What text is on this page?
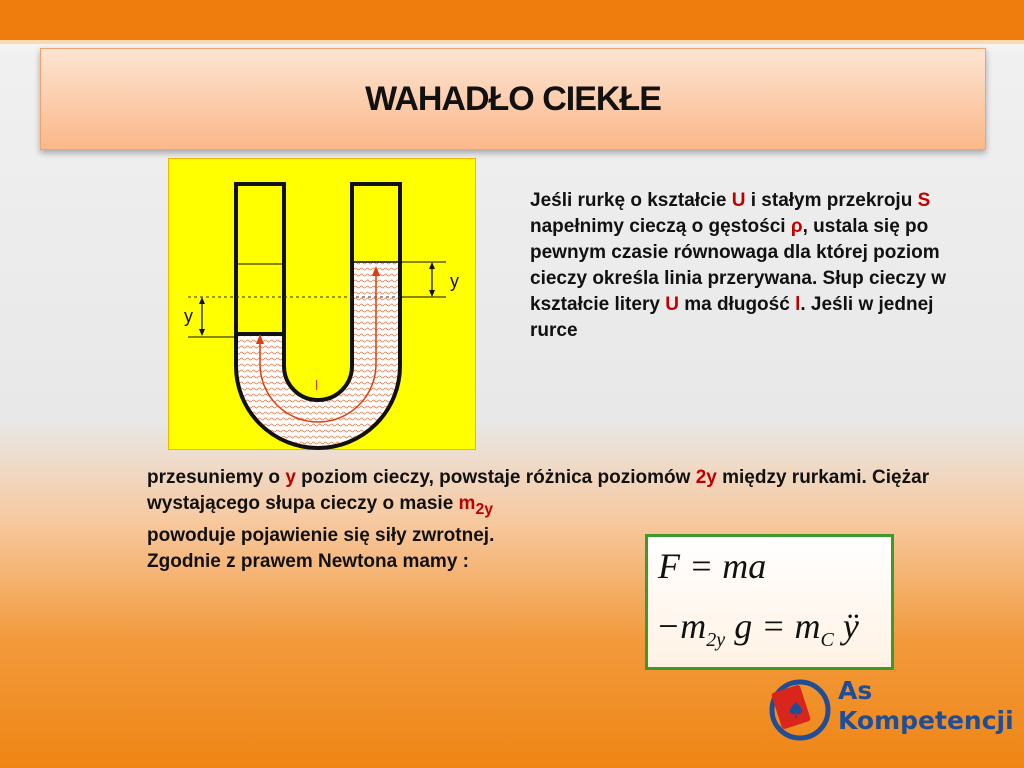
WAHADŁO CIEKŁE
y
y
l
Jeśli rurkę o kształcie U i stałym przekroju S napełnimy cieczą o gęstości ρ, ustala się po pewnym czasie równowaga dla której poziom cieczy określa linia przerywana. Słup cieczy w kształcie litery U ma długość l. Jeśli w jednej rurce
przesuniemy o y poziom cieczy, powstaje różnica poziomów 2y między rurkami. Ciężar wystającego słupa cieczy o masie $m_{2y}$
powoduje pojawienie się siły zwrotnej.
Zgodnie z prawem Newtona mamy :	F = ma
$-m_{2y}$ $g = m_C$ ÿ
As
Kompetencji
